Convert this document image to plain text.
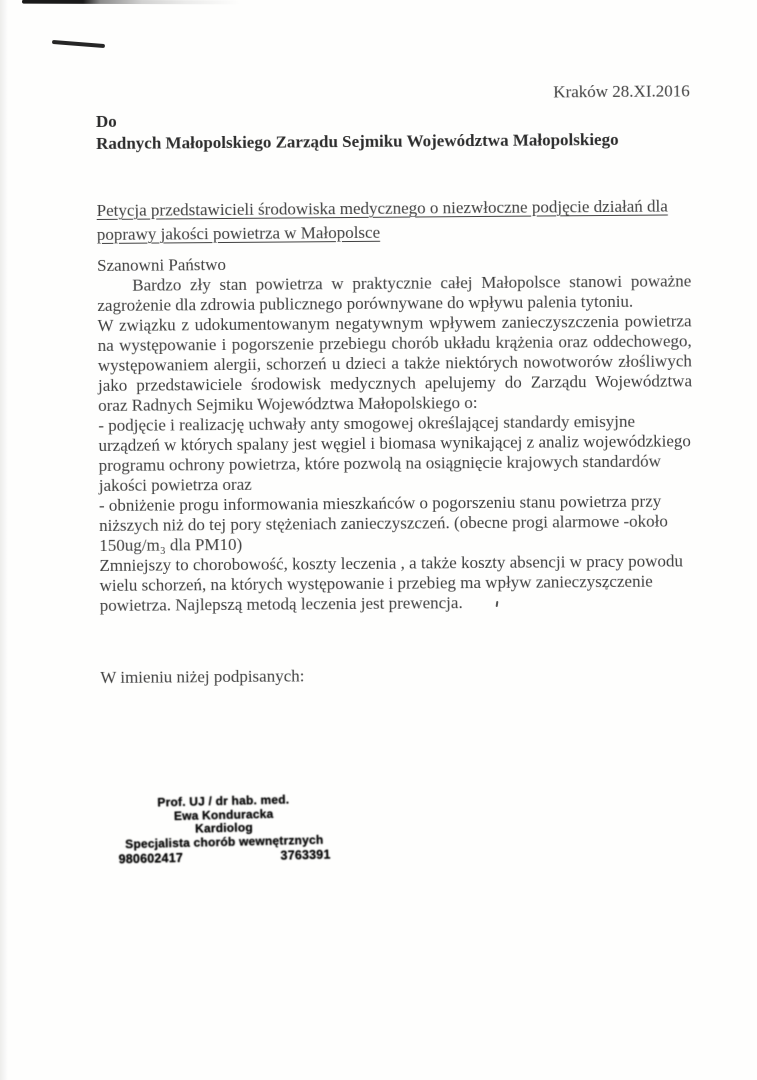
Kraków 28.XI.2016
Do
Radnych Małopolskiego Zarządu Sejmiku Województwa Małopolskiego
Petycja przedstawicieli środowiska medycznego o niezwłoczne podjęcie działań dla poprawy jakości powietrza w Małopolsce
Szanowni Państwo

Bardzo zły stan powietrza w praktycznie całej Małopolsce stanowi poważne zagrożenie dla zdrowia publicznego porównywane do wpływu palenia tytoniu.

W związku z udokumentowanym negatywnym wpływem zanieczyszczenia powietrza na występowanie i pogorszenie przebiegu chorób układu krążenia oraz oddechowego, występowaniem alergii, schorzeń u dzieci a także niektórych nowotworów złośliwych jako przedstawiciele środowisk medycznych apelujemy do Zarządu Województwa oraz Radnych Sejmiku Województwa Małopolskiego o:

- podjęcie i realizację uchwały anty smogowej określającej standardy emisyjne urządzeń w których spalany jest węgiel i biomasa wynikającej z analiz wojewódzkiego programu ochrony powietrza, które pozwolą na osiągnięcie krajowych standardów jakości powietrza oraz

- obniżenie progu informowania mieszkańców o pogorszeniu stanu powietrza przy niższych niż do tej pory stężeniach zanieczyszczeń. (obecne progi alarmowe -około 150ug/m₃ dla PM10)

Zmniejszy to chorobowość, koszty leczenia , a także koszty absencji w pracy powodu wielu schorzeń, na których występowanie i przebieg ma wpływ zanieczyszczenie powietrza. Najlepszą metodą leczenia jest prewencja.

W imieniu niżej podpisanych:
Prof. UJ / dr hab. med.
Ewa Konduracka
Kardiolog
Specjalista chorób wewnętrznych
980602417	3763391
